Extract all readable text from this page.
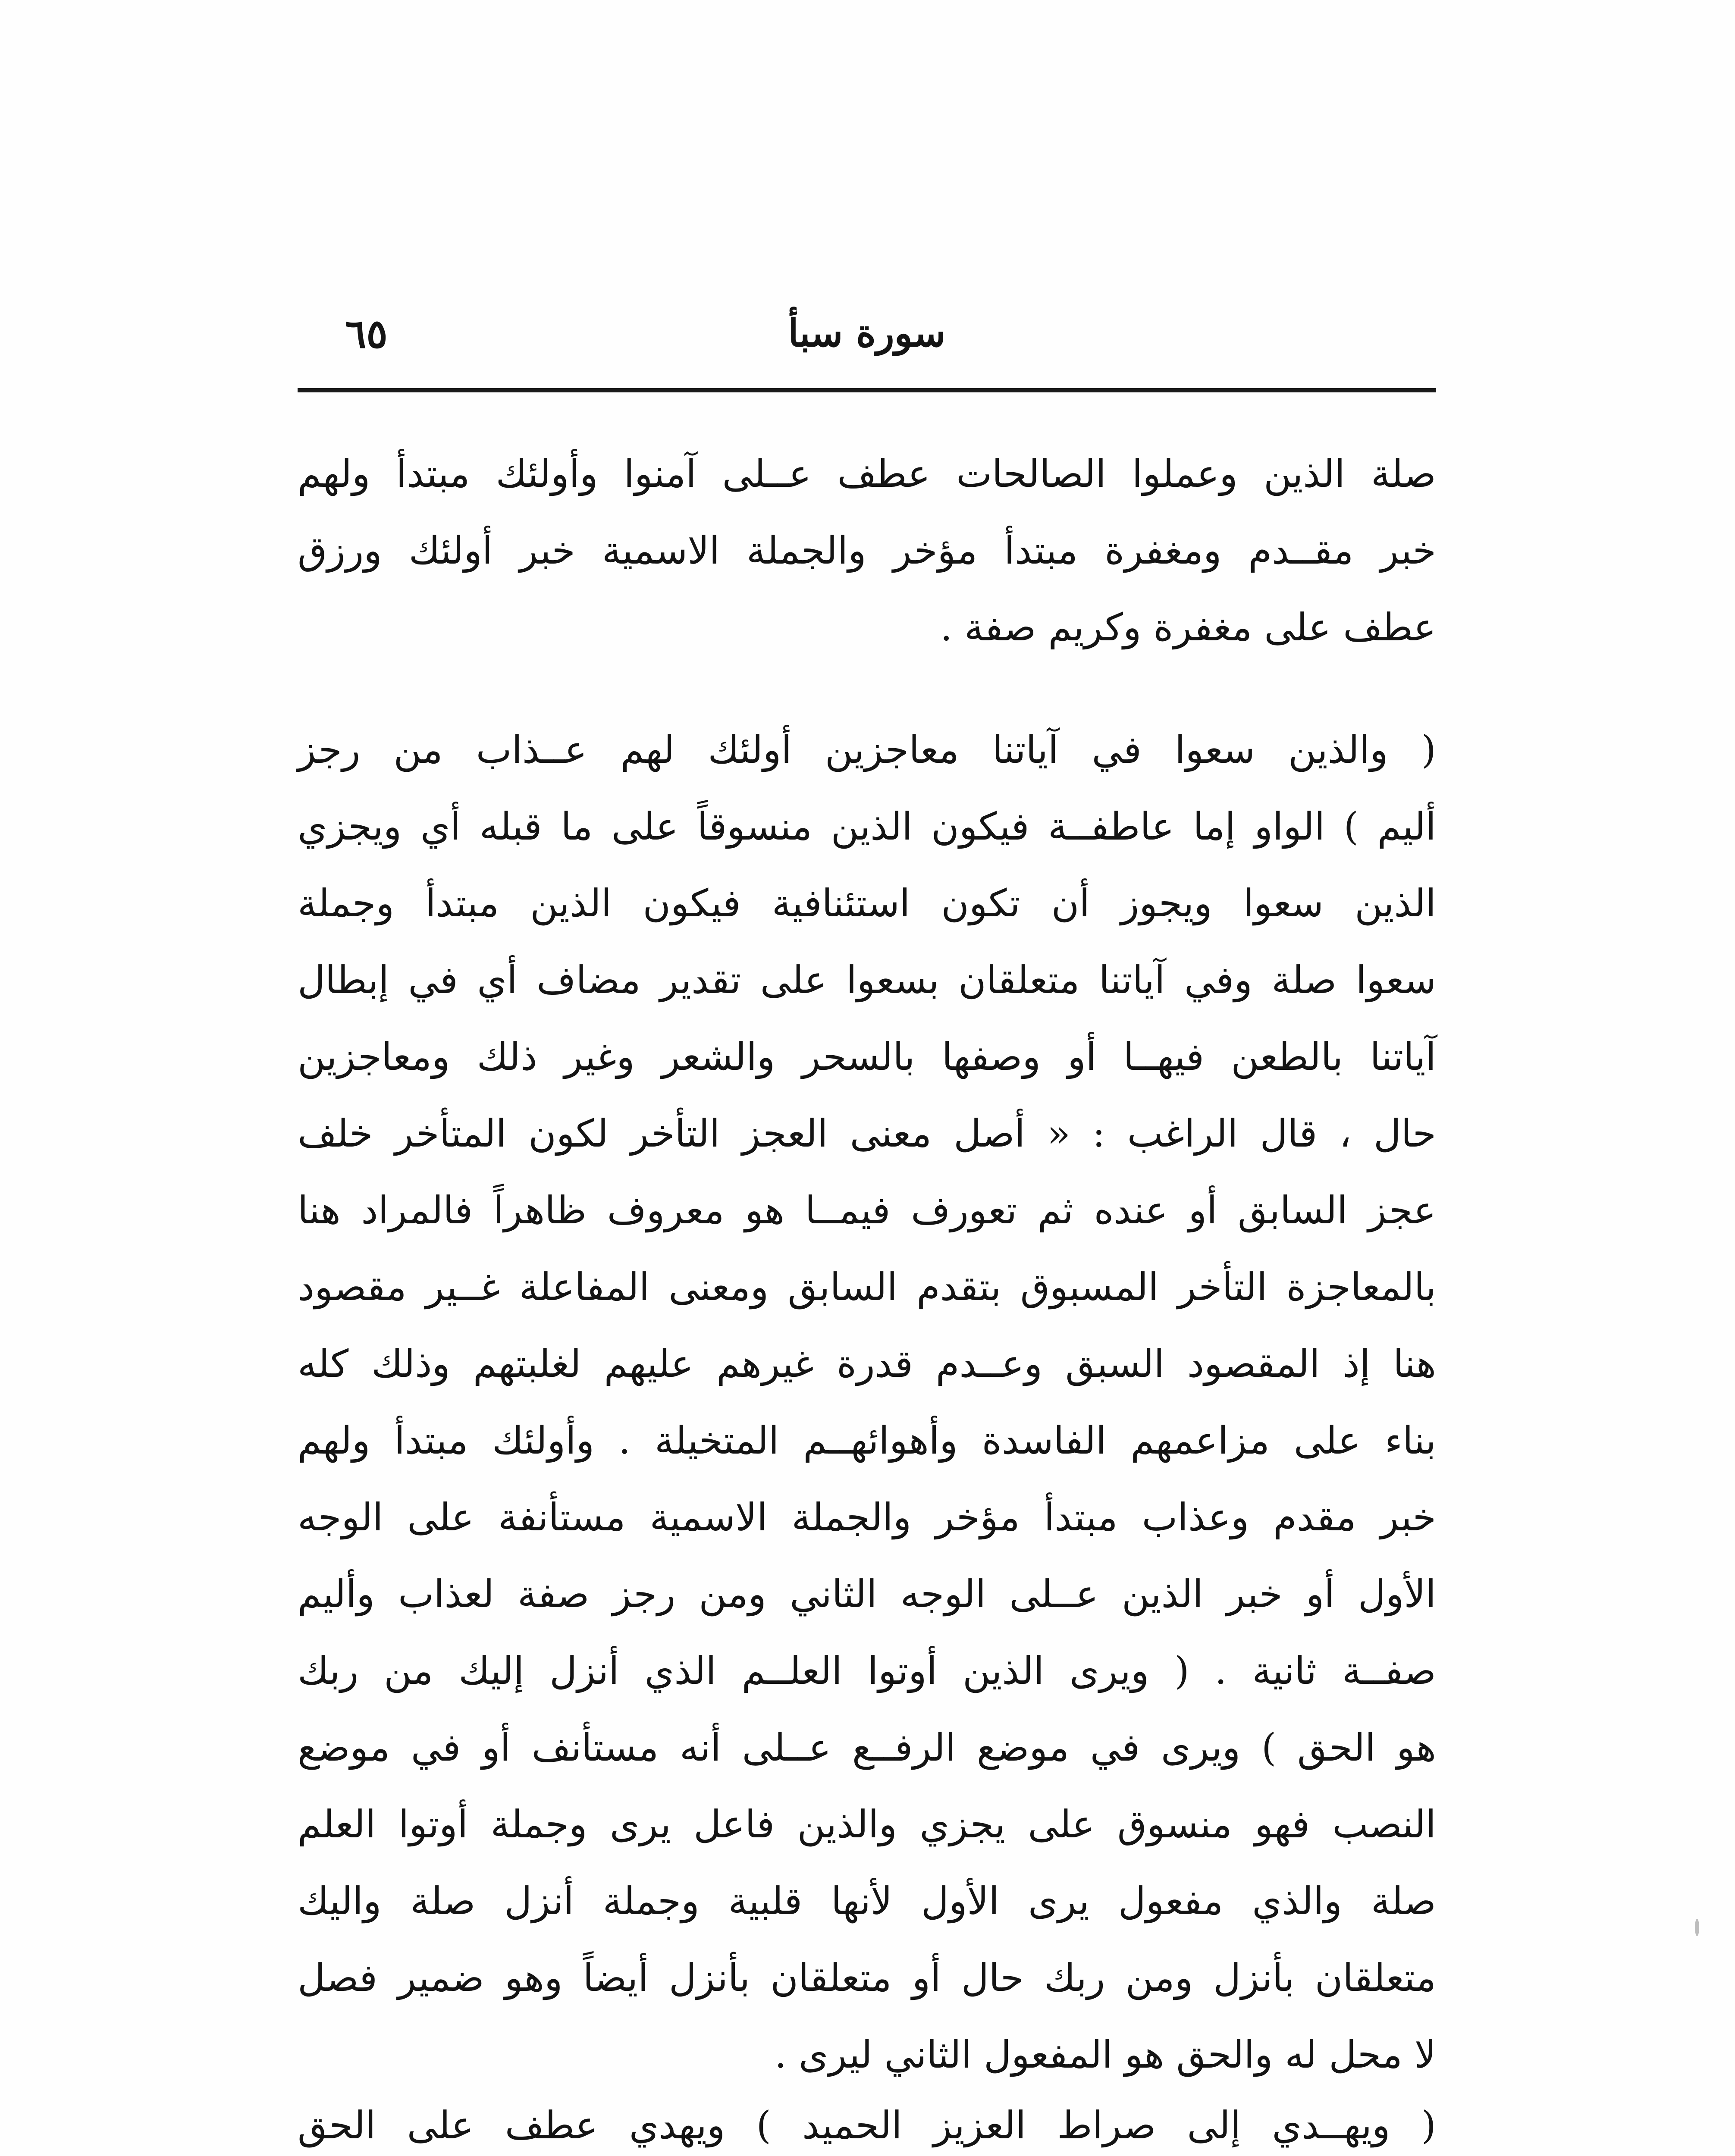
سورة سبأ
٦٥
صلة الذين وعملوا الصالحات عطف عــلى آمنوا وأولئك مبتدأ ولهم
خبر مقــدم ومغفرة مبتدأ مؤخر والجملة الاسمية خبر أولئك ورزق
عطف على مغفرة وكريم صفة .
( والذين سعوا في آياتنا معاجزين أولئك لهم عــذاب من رجز
أليم ) الواو إما عاطفــة فيكون الذين منسوقاً على ما قبله أي ويجزي
الذين سعوا ويجوز أن تكون استئنافية فيكون الذين مبتدأ وجملة
سعوا صلة وفي آياتنا متعلقان بسعوا على تقدير مضاف أي في إبطال
آياتنا بالطعن فيهــا أو وصفها بالسحر والشعر وغير ذلك ومعاجزين
حال ، قال الراغب : « أصل معنى العجز التأخر لكون المتأخر خلف
عجز السابق أو عنده ثم تعورف فيمــا هو معروف ظاهراً فالمراد هنا
بالمعاجزة التأخر المسبوق بتقدم السابق ومعنى المفاعلة غــير مقصود
هنا إذ المقصود السبق وعــدم قدرة غيرهم عليهم لغلبتهم وذلك كله
بناء على مزاعمهم الفاسدة وأهوائهــم المتخيلة . وأولئك مبتدأ ولهم
خبر مقدم وعذاب مبتدأ مؤخر والجملة الاسمية مستأنفة على الوجه
الأول أو خبر الذين عــلى الوجه الثاني ومن رجز صفة لعذاب وأليم
صفــة ثانية . ( ويرى الذين أوتوا العلــم الذي أنزل إليك من ربك
هو الحق ) ويرى في موضع الرفــع عــلى أنه مستأنف أو في موضع
النصب فهو منسوق على يجزي والذين فاعل يرى وجملة أوتوا العلم
صلة والذي مفعول يرى الأول لأنها قلبية وجملة أنزل صلة واليك
متعلقان بأنزل ومن ربك حال أو متعلقان بأنزل أيضاً وهو ضمير فصل
لا محل له والحق هو المفعول الثاني ليرى .
( ويهــدي إلى صراط العزيز الحميد ) ويهدي عطف على الحق
